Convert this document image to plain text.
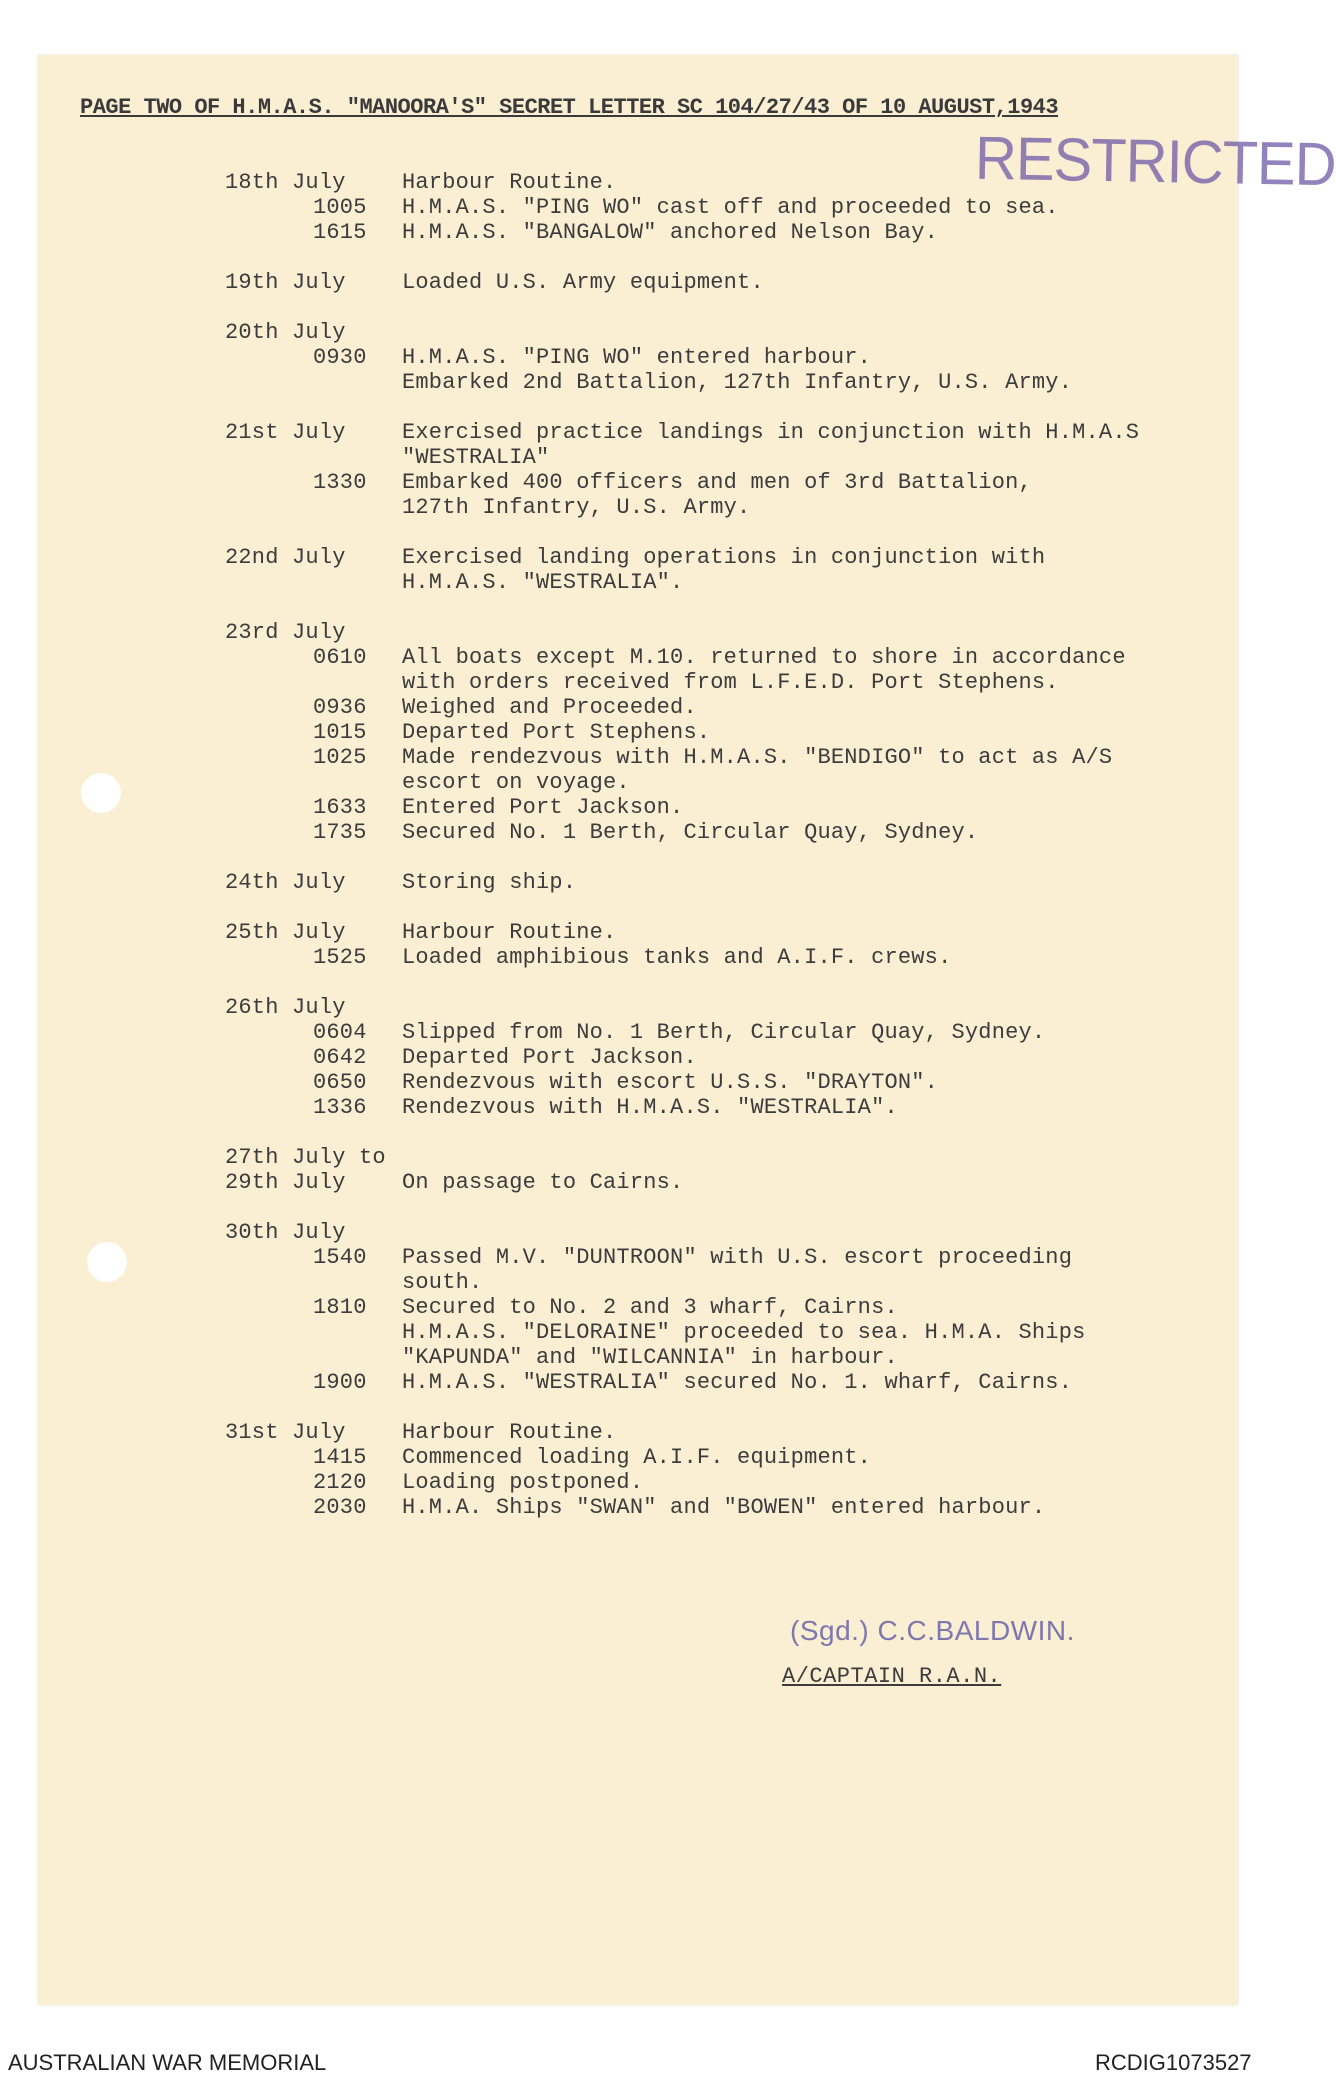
PAGE TWO OF H.M.A.S. "MANOORA'S" SECRET LETTER SC 104/27/43 OF 10 AUGUST,1943
RESTRICTED
18th July	Harbour Routine.
1005 H.M.A.S. "PING WO" cast off and proceeded to sea.
1615 H.M.A.S. "BANGALOW" anchored Nelson Bay.
19th July	Loaded U.S. Army equipment.
20th July
0930 H.M.A.S. "PING WO" entered harbour.
Embarked 2nd Battalion, 127th Infantry, U.S. Army.
21st July	Exercised practice landings in conjunction with H.M.A.S
"WESTRALIA"
1330 Embarked 400 officers and men of 3rd Battalion,
127th Infantry, U.S. Army.
22nd July	Exercised landing operations in conjunction with
H.M.A.S. "WESTRALIA".
23rd July
0610 All boats except M.10. returned to shore in accordance
with orders received from L.F.E.D. Port Stephens.
0936 Weighed and Proceeded.
1015 Departed Port Stephens.
1025 Made rendezvous with H.M.A.S. "BENDIGO" to act as A/S
escort on voyage.
1633 Entered Port Jackson.
1735 Secured No. 1 Berth, Circular Quay, Sydney.
24th July	Storing ship.
25th July	Harbour Routine.
1525 Loaded amphibious tanks and A.I.F. crews.
26th July
0604 Slipped from No. 1 Berth, Circular Quay, Sydney.
0642 Departed Port Jackson.
0650 Rendezvous with escort U.S.S. "DRAYTON".
1336 Rendezvous with H.M.A.S. "WESTRALIA".
27th July to
29th July	On passage to Cairns.
30th July
1540 Passed M.V. "DUNTROON" with U.S. escort proceeding
south.
1810 Secured to No. 2 and 3 wharf, Cairns.
H.M.A.S. "DELORAINE" proceeded to sea. H.M.A. Ships
"KAPUNDA" and "WILCANNIA" in harbour.
1900 H.M.A.S. "WESTRALIA" secured No. 1. wharf, Cairns.
31st July	Harbour Routine.
1415 Commenced loading A.I.F. equipment.
2120 Loading postponed.
2030 H.M.A. Ships "SWAN" and "BOWEN" entered harbour.
(Sgd.) C.C.BALDWIN.
A/CAPTAIN R.A.N.
AUSTRALIAN WAR MEMORIAL	RCDIG1073527
